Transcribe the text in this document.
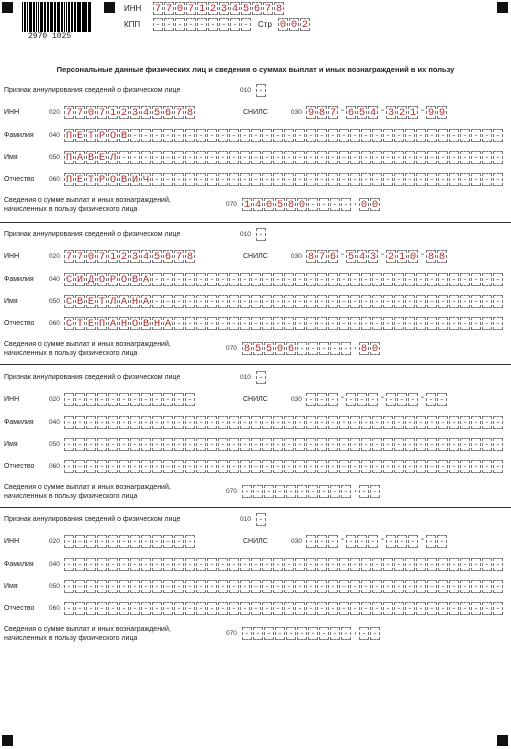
2970 1025
ИНН 7 7 0 7 1 2 3 4 5 6 7 8
КПП
-
-
-
-
-
-
-
-
-	Стр 0 0 2
Персональные данные физических лиц и сведения о суммах выплат и иных вознаграждений в их пользу
Признак аннулирования сведений о физическом лице	010
-
ИНН	020 7 7 0 7 1 2 3 4 5 6 7 8	СНИЛС	030 9 8 7 - 6 5 4 - 3 2 1 - 9 9
Фамилия 040 П Е Т Р О В
-
-
-
-
-
-
-
-
-
-
-
-
-
-
-
-
-
-
-
-
-
-
-
-
-
-
-
-
-
-
-
-
-
-
Имя	050 П А В Е Л
-
-
-
-
-
-
-
-
-
-
-
-
-
-
-
-
-
-
-
-
-
-
-
-
-
-
-
-
-
-
-
-
-
-
-
Отчество 060 П Е Т Р О В И Ч
-
-
-
-
-
-
-
-
-
-
-
-
-
-
-
-
-
-
-
-
-
-
-
-
-
-
-
-
-
-
-
-
Сведения о сумме выплат и иных вознаграждений,
начисленных в пользу физического лица
070 1 4 0 5 8 0
-
-
-
-	. 0 0
Признак аннулирования сведений о физическом лице	010
-
ИНН	020 7 7 0 7 1 2 3 4 5 6 7 8	СНИЛС	030 8 7 6 - 5 4 3 - 2 1 0 - 8 8
Фамилия 040 С И Д О Р О В А
-
-
-
-
-
-
-
-
-
-
-
-
-
-
-
-
-
-
-
-
-
-
-
-
-
-
-
-
-
-
-
-
Имя	050 С В Е Т Л А Н А
-
-
-
-
-
-
-
-
-
-
-
-
-
-
-
-
-
-
-
-
-
-
-
-
-
-
-
-
-
-
-
-
Отчество 060 С Т Е П А Н О В Н А
-
-
-
-
-
-
-
-
-
-
-
-
-
-
-
-
-
-
-
-
-
-
-
-
-
-
-
-
-
-
Сведения о сумме выплат и иных вознаграждений,
начисленных в пользу физического лица
070 8 5 5 0 6
-
-
-
-
-	. 8 0
Признак аннулирования сведений о физическом лице	010
-
ИНН	020
-
-
-
-
-
-
-
-
-
-
-
-	СНИЛС	030
-
-
-	-
-
-
-	-
-
-
-	-
-
-
Фамилия 040
-
-
-
-
-
-
-
-
-
-
-
-
-
-
-
-
-
-
-
-
-
-
-
-
-
-
-
-
-
-
-
-
-
-
-
-
-
-
-
-
Имя	050
-
-
-
-
-
-
-
-
-
-
-
-
-
-
-
-
-
-
-
-
-
-
-
-
-
-
-
-
-
-
-
-
-
-
-
-
-
-
-
-
Отчество 060
-
-
-
-
-
-
-
-
-
-
-
-
-
-
-
-
-
-
-
-
-
-
-
-
-
-
-
-
-
-
-
-
-
-
-
-
-
-
-
-
Сведения о сумме выплат и иных вознаграждений,
начисленных в пользу физического лица
070
-
-
-
-
-
-
-
-
-
-	.
-
-
Признак аннулирования сведений о физическом лице	010
-
ИНН	020
-
-
-
-
-
-
-
-
-
-
-
-	СНИЛС	030
-
-
-	-
-
-
-	-
-
-
-	-
-
-
Фамилия 040
-
-
-
-
-
-
-
-
-
-
-
-
-
-
-
-
-
-
-
-
-
-
-
-
-
-
-
-
-
-
-
-
-
-
-
-
-
-
-
-
Имя	050
-
-
-
-
-
-
-
-
-
-
-
-
-
-
-
-
-
-
-
-
-
-
-
-
-
-
-
-
-
-
-
-
-
-
-
-
-
-
-
-
Отчество 060
-
-
-
-
-
-
-
-
-
-
-
-
-
-
-
-
-
-
-
-
-
-
-
-
-
-
-
-
-
-
-
-
-
-
-
-
-
-
-
-
Сведения о сумме выплат и иных вознаграждений,
начисленных в пользу физического лица
070
-
-
-
-
-
-
-
-
-
-	.
-
-
